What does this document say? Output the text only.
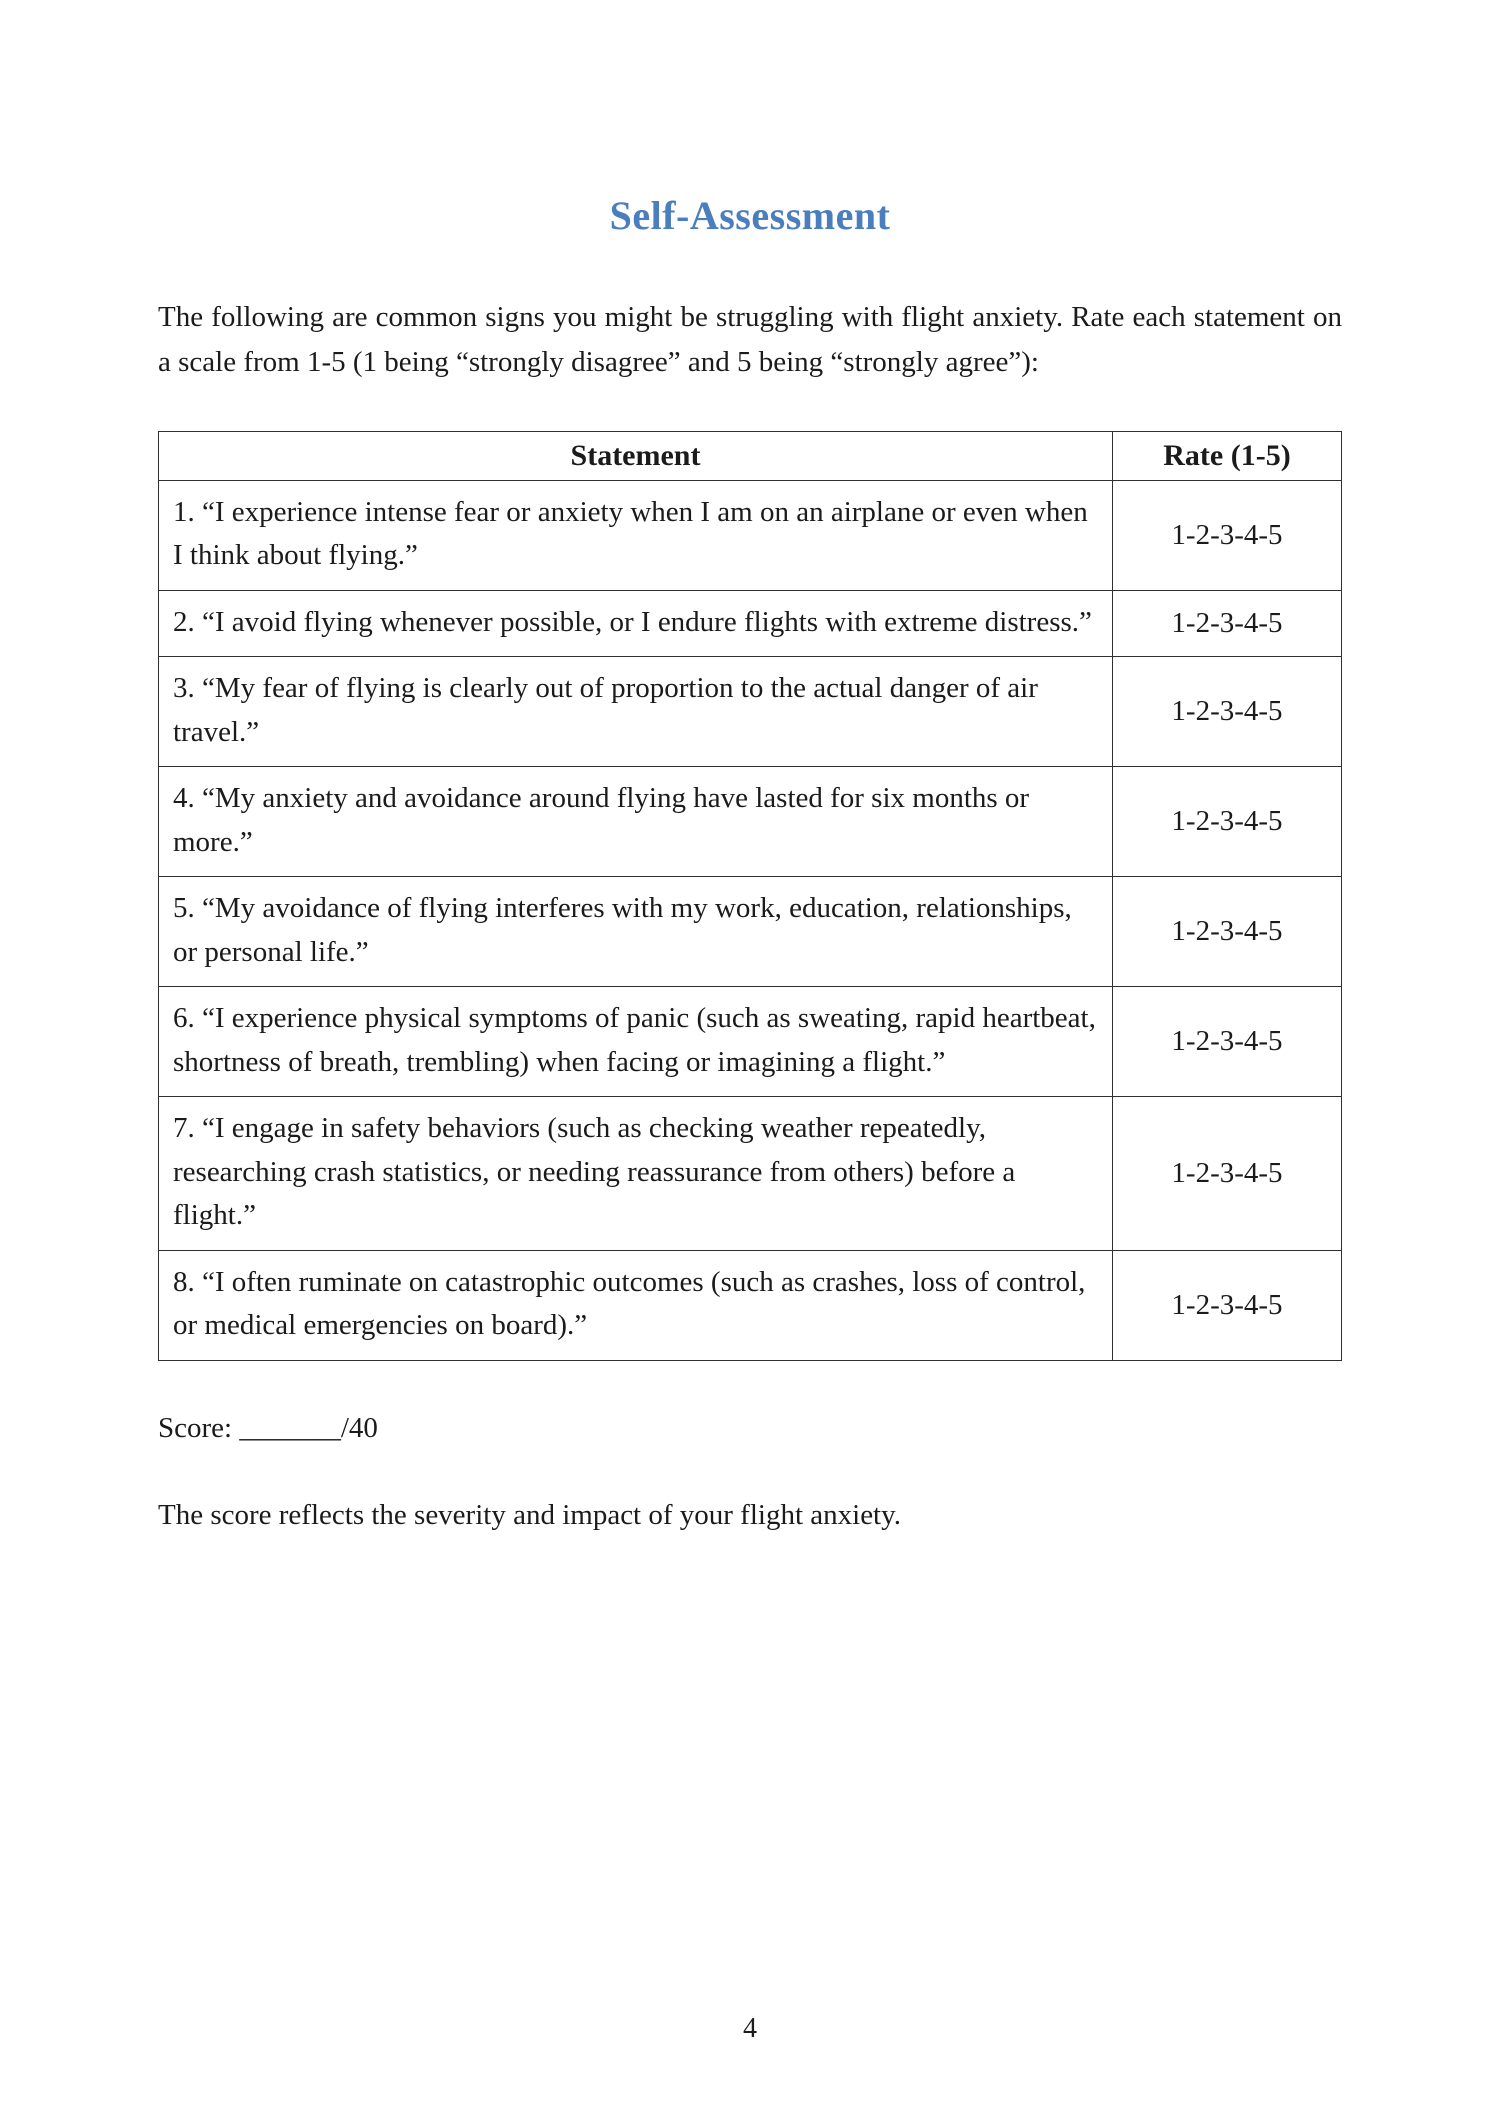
Self-Assessment

The following are common signs you might be struggling with flight anxiety. Rate each statement on a scale from 1-5 (1 being “strongly disagree” and 5 being “strongly agree”):

Statement	Rate (1-5)
1. “I experience intense fear or anxiety when I am on an airplane or even when I think about flying.”	1-2-3-4-5
2. “I avoid flying whenever possible, or I endure flights with extreme distress.”	1-2-3-4-5
3. “My fear of flying is clearly out of proportion to the actual danger of air travel.”	1-2-3-4-5
4. “My anxiety and avoidance around flying have lasted for six months or more.”	1-2-3-4-5
5. “My avoidance of flying interferes with my work, education, relationships, or personal life.”	1-2-3-4-5
6. “I experience physical symptoms of panic (such as sweating, rapid heartbeat, shortness of breath, trembling) when facing or imagining a flight.”	1-2-3-4-5
7. “I engage in safety behaviors (such as checking weather repeatedly, researching crash statistics, or needing reassurance from others) before a flight.”	1-2-3-4-5
8. “I often ruminate on catastrophic outcomes (such as crashes, loss of control, or medical emergencies on board).”	1-2-3-4-5

Score: _______/40

The score reflects the severity and impact of your flight anxiety.

4
